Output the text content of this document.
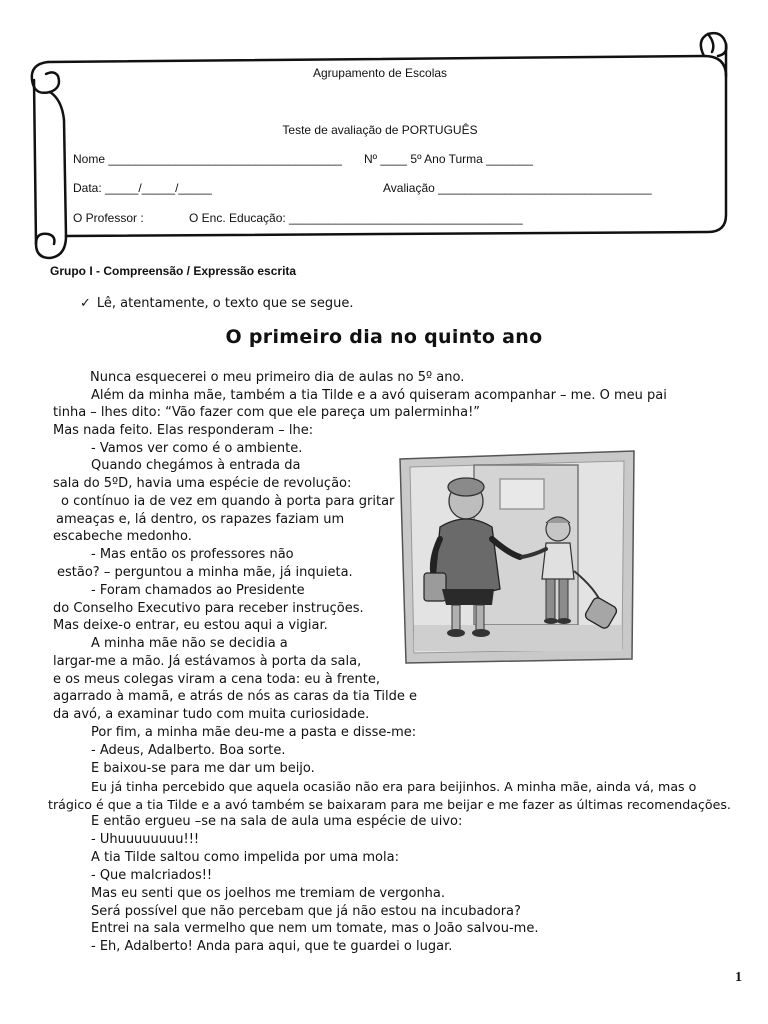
Agrupamento de Escolas
Teste de avaliação de PORTUGUÊS
Nome ___________________________________ Nº ____ 5º Ano Turma _______
Data: _____/_____/_____	Avaliação ________________________________
O Professor :	O Enc. Educação: ___________________________________
Grupo I - Compreensão / Expressão escrita
✓ Lê, atentamente, o texto que se segue.
O primeiro dia no quinto ano
Nunca esquecerei o meu primeiro dia de aulas no 5º ano.
Além da minha mãe, também a tia Tilde e a avó quiseram acompanhar – me. O meu pai
tinha – lhes dito: “Vão fazer com que ele pareça um palerminha!”
Mas nada feito. Elas responderam – lhe:
- Vamos ver como é o ambiente.
Quando chegámos à entrada da
sala do 5ºD, havia uma espécie de revolução:
o contínuo ia de vez em quando à porta para gritar
ameaças e, lá dentro, os rapazes faziam um
escabeche medonho.
- Mas então os professores não
estão? – perguntou a minha mãe, já inquieta.
- Foram chamados ao Presidente
do Conselho Executivo para receber instruções.
Mas deixe-o entrar, eu estou aqui a vigiar.
A minha mãe não se decidia a
largar-me a mão. Já estávamos à porta da sala,
e os meus colegas viram a cena toda: eu à frente,
agarrado à mamã, e atrás de nós as caras da tia Tilde e
da avó, a examinar tudo com muita curiosidade.
Por fim, a minha mãe deu-me a pasta e disse-me:
- Adeus, Adalberto. Boa sorte.
E baixou-se para me dar um beijo.
Eu já tinha percebido que aquela ocasião não era para beijinhos. A minha mãe, ainda vá, mas o
trágico é que a tia Tilde e a avó também se baixaram para me beijar e me fazer as últimas recomendações.
E então ergueu –se na sala de aula uma espécie de uivo:
- Uhuuuuuuuu!!!
A tia Tilde saltou como impelida por uma mola:
- Que malcriados!!
Mas eu senti que os joelhos me tremiam de vergonha.
Será possível que não percebam que já não estou na incubadora?
Entrei na sala vermelho que nem um tomate, mas o João salvou-me.
- Eh, Adalberto! Anda para aqui, que te guardei o lugar.
1
